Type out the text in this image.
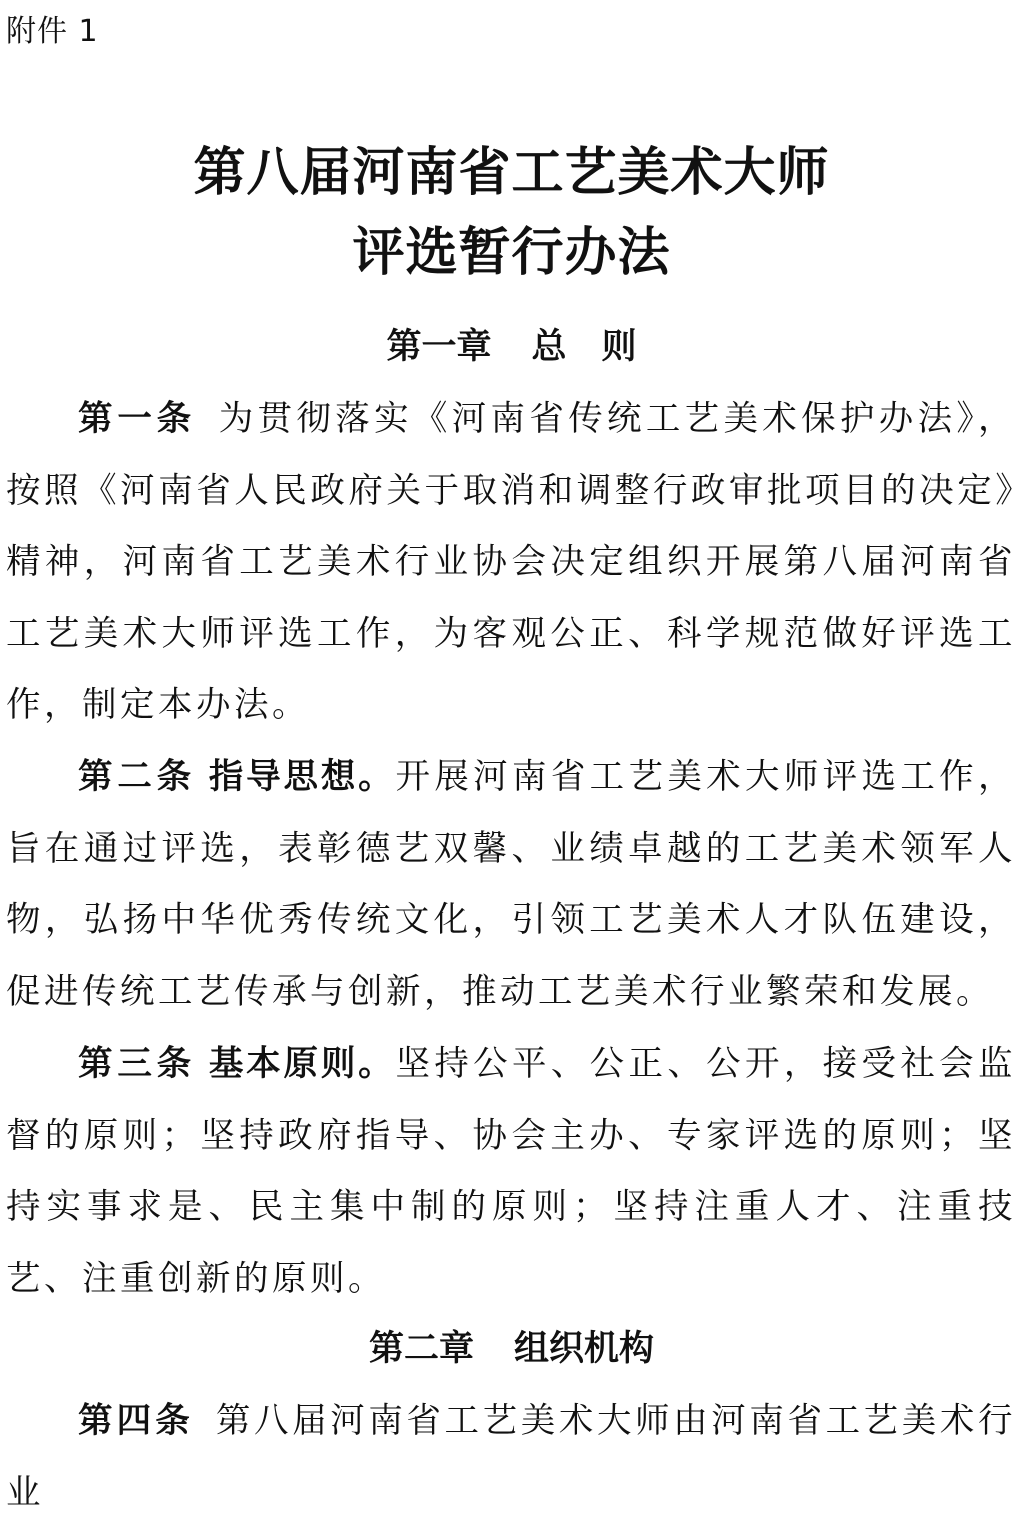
附件 1
第八届河南省工艺美术大师
评选暂行办法
第一章 总　则
第一条 为贯彻落实《河南省传统工艺美术保护办法》，按照《河南省人民政府关于取消和调整行政审批项目的决定》精神，河南省工艺美术行业协会决定组织开展第八届河南省工艺美术大师评选工作，为客观公正、科学规范做好评选工作，制定本办法。
第二条 指导思想。开展河南省工艺美术大师评选工作，旨在通过评选，表彰德艺双馨、业绩卓越的工艺美术领军人物，弘扬中华优秀传统文化，引领工艺美术人才队伍建设，促进传统工艺传承与创新，推动工艺美术行业繁荣和发展。
第三条 基本原则。坚持公平、公正、公开，接受社会监督的原则；坚持政府指导、协会主办、专家评选的原则；坚持实事求是、民主集中制的原则；坚持注重人才、注重技艺、注重创新的原则。
第二章 组织机构
第四条 第八届河南省工艺美术大师由河南省工艺美术行业
